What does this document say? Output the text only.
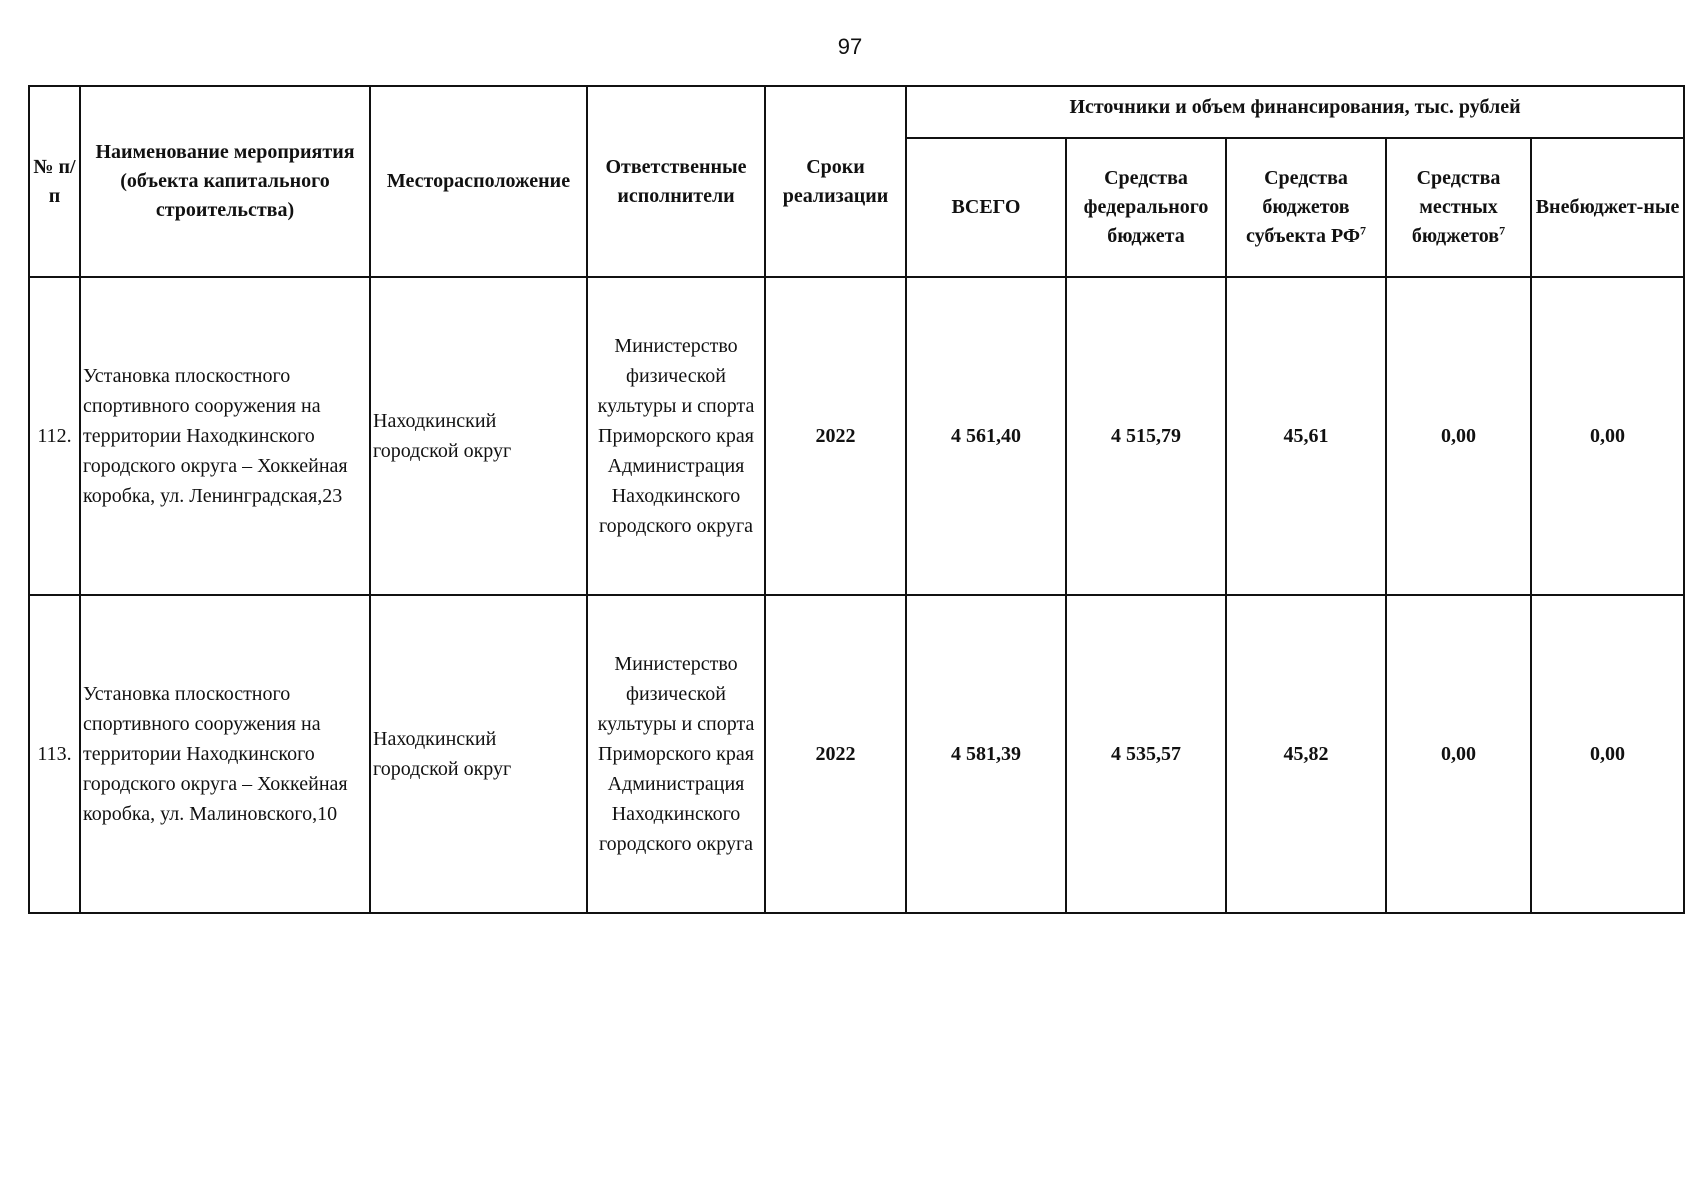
97
№ п/п	Наименование мероприятия (объекта капитального строительства)	Месторасположение	Ответственные исполнители	Сроки реализации	Источники и объем финансирования, тыс. рублей				
					ВСЕГО	Средства федерального бюджета	Средства бюджетов субъекта $РФ^7$	Средства местных бюджетов$^7$	Внебюджет-ные
112.	Установка плоскостного спортивного сооружения на территории Находкинского городского округа – Хоккейная коробка, ул. Ленинградская,23	Находкинский городской округ	Министерство физической культуры и спорта Приморского края Администрация Находкинского городского округа	2022	4 561,40	4 515,79	45,61	0,00	0,00
113.	Установка плоскостного спортивного сооружения на территории Находкинского городского округа – Хоккейная коробка, ул. Малиновского,10	Находкинский городской округ	Министерство физической культуры и спорта Приморского края Администрация Находкинского городского округа	2022	4 581,39	4 535,57	45,82	0,00	0,00
